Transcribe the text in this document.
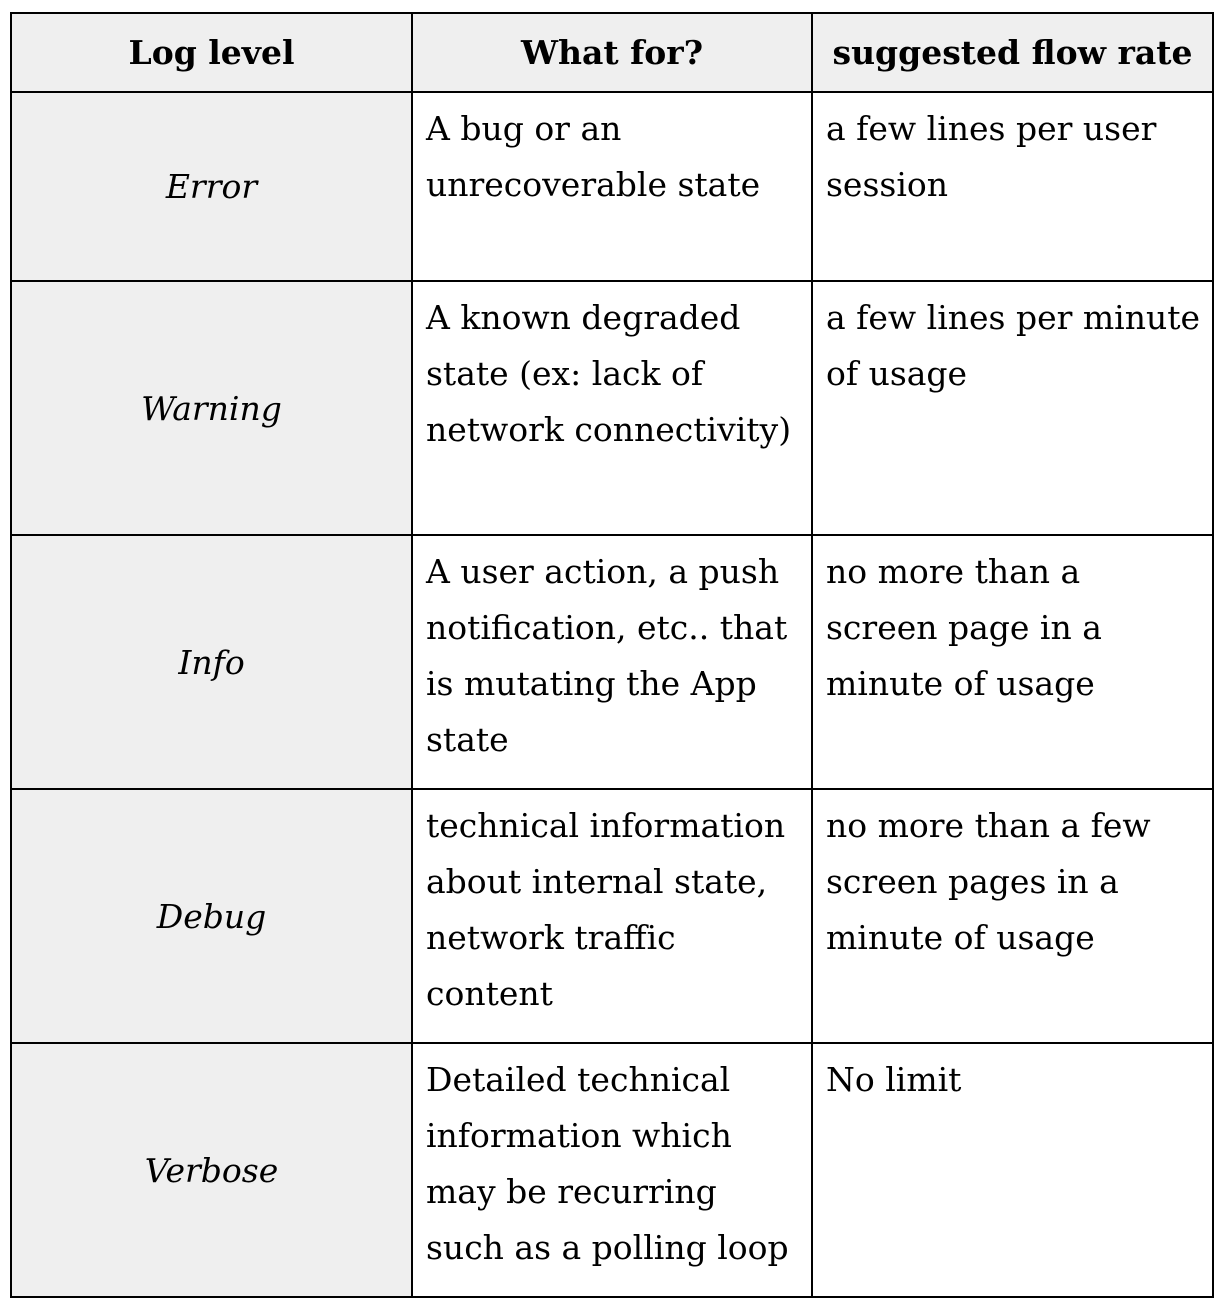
Log level	What for?	suggested flow rate
Error	A bug or an unrecoverable state	a few lines per user session
Warning	A known degraded state (ex: lack of network connectivity)	a few lines per minute of usage
Info	A user action, a push notification, etc.. that is mutating the App state	no more than a screen page in a minute of usage
Debug	technical information about internal state, network traffic content	no more than a few screen pages in a minute of usage
Verbose	Detailed technical information which may be recurring such as a polling loop	No limit
